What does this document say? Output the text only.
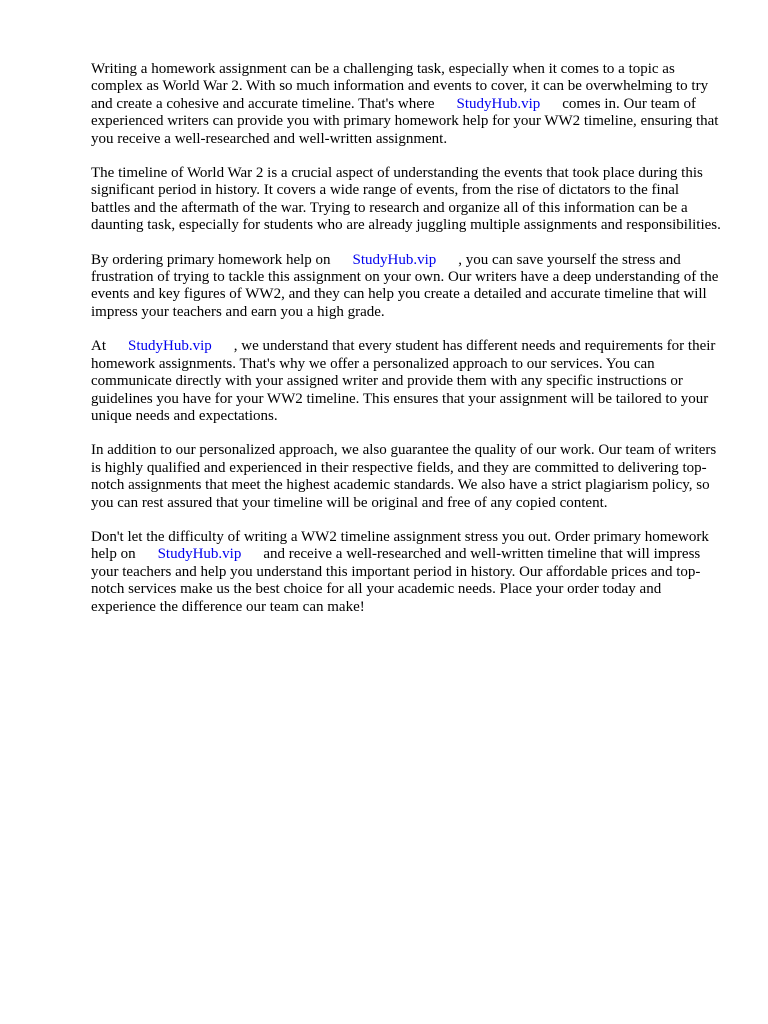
Writing a homework assignment can be a challenging task, especially when it comes to a topic as complex as World War 2. With so much information and events to cover, it can be overwhelming to try and create a cohesive and accurate timeline. That's where StudyHub.vip comes in. Our team of experienced writers can provide you with primary homework help for your WW2 timeline, ensuring that you receive a well-researched and well-written assignment.

The timeline of World War 2 is a crucial aspect of understanding the events that took place during this significant period in history. It covers a wide range of events, from the rise of dictators to the final battles and the aftermath of the war. Trying to research and organize all of this information can be a daunting task, especially for students who are already juggling multiple assignments and responsibilities.

By ordering primary homework help on StudyHub.vip , you can save yourself the stress and frustration of trying to tackle this assignment on your own. Our writers have a deep understanding of the events and key figures of WW2, and they can help you create a detailed and accurate timeline that will impress your teachers and earn you a high grade.

At StudyHub.vip , we understand that every student has different needs and requirements for their homework assignments. That's why we offer a personalized approach to our services. You can communicate directly with your assigned writer and provide them with any specific instructions or guidelines you have for your WW2 timeline. This ensures that your assignment will be tailored to your unique needs and expectations.

In addition to our personalized approach, we also guarantee the quality of our work. Our team of writers is highly qualified and experienced in their respective fields, and they are committed to delivering top-notch assignments that meet the highest academic standards. We also have a strict plagiarism policy, so you can rest assured that your timeline will be original and free of any copied content.

Don't let the difficulty of writing a WW2 timeline assignment stress you out. Order primary homework help on StudyHub.vip and receive a well-researched and well-written timeline that will impress your teachers and help you understand this important period in history. Our affordable prices and top-notch services make us the best choice for all your academic needs. Place your order today and experience the difference our team can make!
